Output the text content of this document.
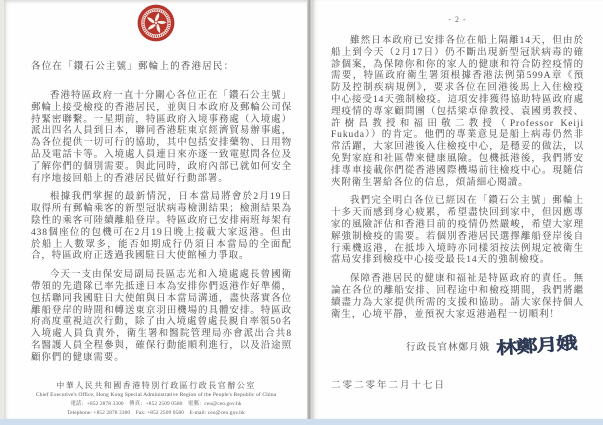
各位在「鑽石公主號」郵輪上的香港居民：

香港特區政府一直十分關心各位正在「鑽石公主號」郵輪上接受檢疫的香港居民，並與日本政府及郵輪公司保持緊密聯繫。一星期前，特區政府入境事務處（入境處）派出四名人員到日本，聯同香港駐東京經濟貿易辦事處，為各位提供一切可行的協助，其中包括安排藥物、日用物品及電話卡等。入境處人員連日來亦逐一致電慰問各位及了解你們的個別需要。與此同時，政府內部已就如何安全有序地接回船上的香港居民做好行動部署。

根據我們掌握的最新情況，日本當局將會於2月19日取得所有郵輪乘客的新型冠狀病毒檢測結果；檢測結果為陰性的乘客可陸續離船登岸。特區政府已安排兩班每架有438個座位的包機可在2月19日晚上接載大家返港。但由於船上人數眾多，能否如期成行仍須日本當局的全面配合，特區政府正透過我國駐日大使館極力爭取。

今天一支由保安局副局長區志光和入境處處長曾國衛帶領的先遣隊已率先抵達日本為安排你們返港作好準備，包括聯同我國駐日大使館與日本當局溝通，盡快落實各位離船登岸的時間和轉送東京羽田機場的具體安排。特區政府高度重視這次行動，除了由入境處曾處長親自率領50名入境處人員負責外，衛生署和醫院管理局亦會派出合共8名醫護人員全程參與，確保行動能順利進行，以及沿途照顧你們的健康需要。

中華人民共和國香港特別行政區行政長官辦公室
Chief Executive's Office, Hong Kong Special Administrative Region of the People's Republic of China
電話：+852 2878 3300　傳真：+852 2509 0580　電郵：ceo@ceo.gov.hk
Telephone: +852 2878 3300　Fax: +852 2509 0580　E-mail: ceo@ceo.gov.hk
- 2 -

雖然日本政府已安排各位在船上隔離14天，但由於船上到今天（2月17日）仍不斷出現新型冠狀病毒的確診個案，為保障你和你的家人的健康和符合防控疫情的需要，特區政府衛生署須根據香港法例第599A章《預防及控制疾病規例》，要求各位在回港後馬上入住檢疫中心接受14天強制檢疫。這項安排獲得協助特區政府處理疫情的專家顧問團（包括梁卓偉教授、袁國勇教授、許樹昌教授和福田敬二教授（Professor Keiji Fukuda））的肯定。他們的專業意見是船上病毒仍然非常活躍，大家回港後入住檢疫中心，是穩妥的做法，以免對家庭和社區帶來健康風險。包機抵港後，我們將安排專車接載你們從香港國際機場前往檢疫中心。現隨信夾附衛生署給各位的信息，煩請細心閱讀。

我們完全明白各位已經因在「鑽石公主號」郵輪上十多天而感到身心疲累，希望盡快回到家中，但因應專家的風險評估和香港目前的疫情仍然嚴峻，希望大家理解強制檢疫的需要。若個別香港居民選擇離船登岸後自行乘機返港，在抵埗入境時亦同樣須按法例規定被衛生當局安排到檢疫中心接受最長14天的強制檢疫。

保障香港居民的健康和福祉是特區政府的責任。無論在各位的離船安排、回程途中和檢疫期間，我們將繼續盡力為大家提供所需的支援和協助。請大家保持個人衛生，心境平靜，並預祝大家返港過程一切順利！

行政長官林鄭月娥 林鄭月娥
二零二零年二月十七日
